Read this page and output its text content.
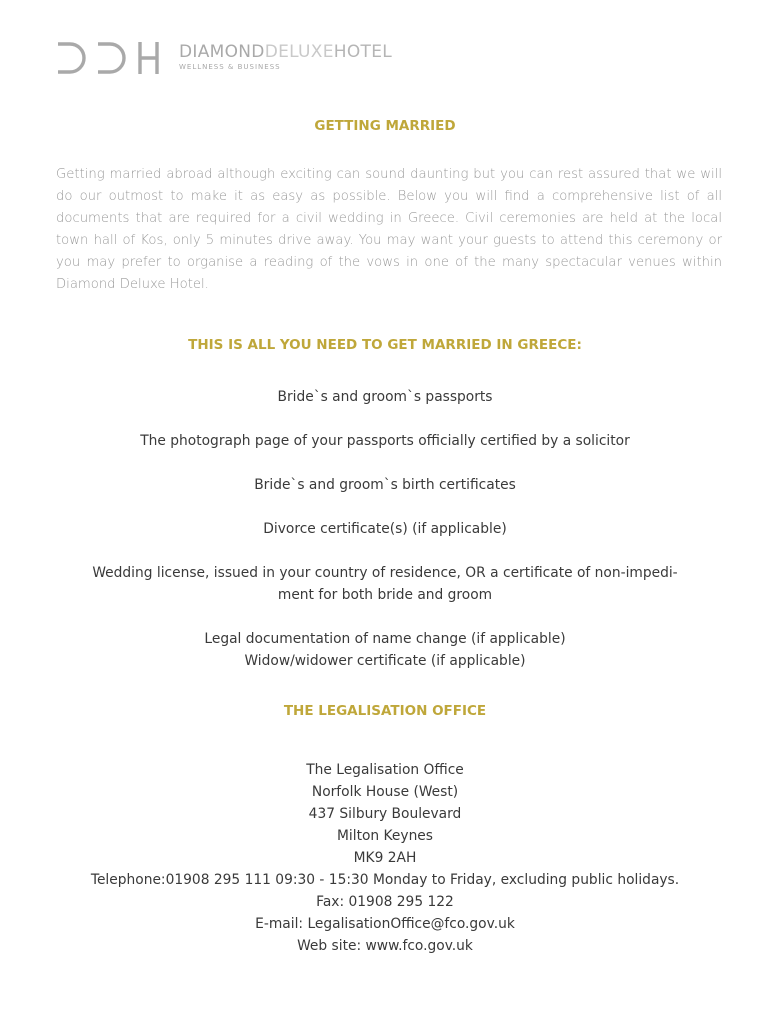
DIAMONDDELUXEHOTEL
WELLNESS & BUSINESS
GETTING MARRIED
Getting married abroad although exciting can sound daunting but you can rest assured that we will do our outmost to make it as easy as possible. Below you will find a comprehensive list of all documents that are required for a civil wedding in Greece. Civil ceremonies are held at the local town hall of Kos, only 5 minutes drive away. You may want your guests to attend this ceremony or you may prefer to organise a reading of the vows in one of the many spectacular venues within Diamond Deluxe Hotel.
THIS IS ALL YOU NEED TO GET MARRIED IN GREECE:
Bride`s and groom`s passports
The photograph page of your passports officially certified by a solicitor
Bride`s and groom`s birth certificates
Divorce certificate(s) (if applicable)
Wedding license, issued in your country of residence, OR a certificate of non-impedi-ment for both bride and groom
Legal documentation of name change (if applicable)
Widow/widower certificate (if applicable)
THE LEGALISATION OFFICE
The Legalisation Office
Norfolk House (West)
437 Silbury Boulevard
Milton Keynes
MK9 2AH
Telephone:01908 295 111 09:30 - 15:30 Monday to Friday, excluding public holidays.
Fax: 01908 295 122
E-mail: LegalisationOffice@fco.gov.uk
Web site: www.fco.gov.uk
